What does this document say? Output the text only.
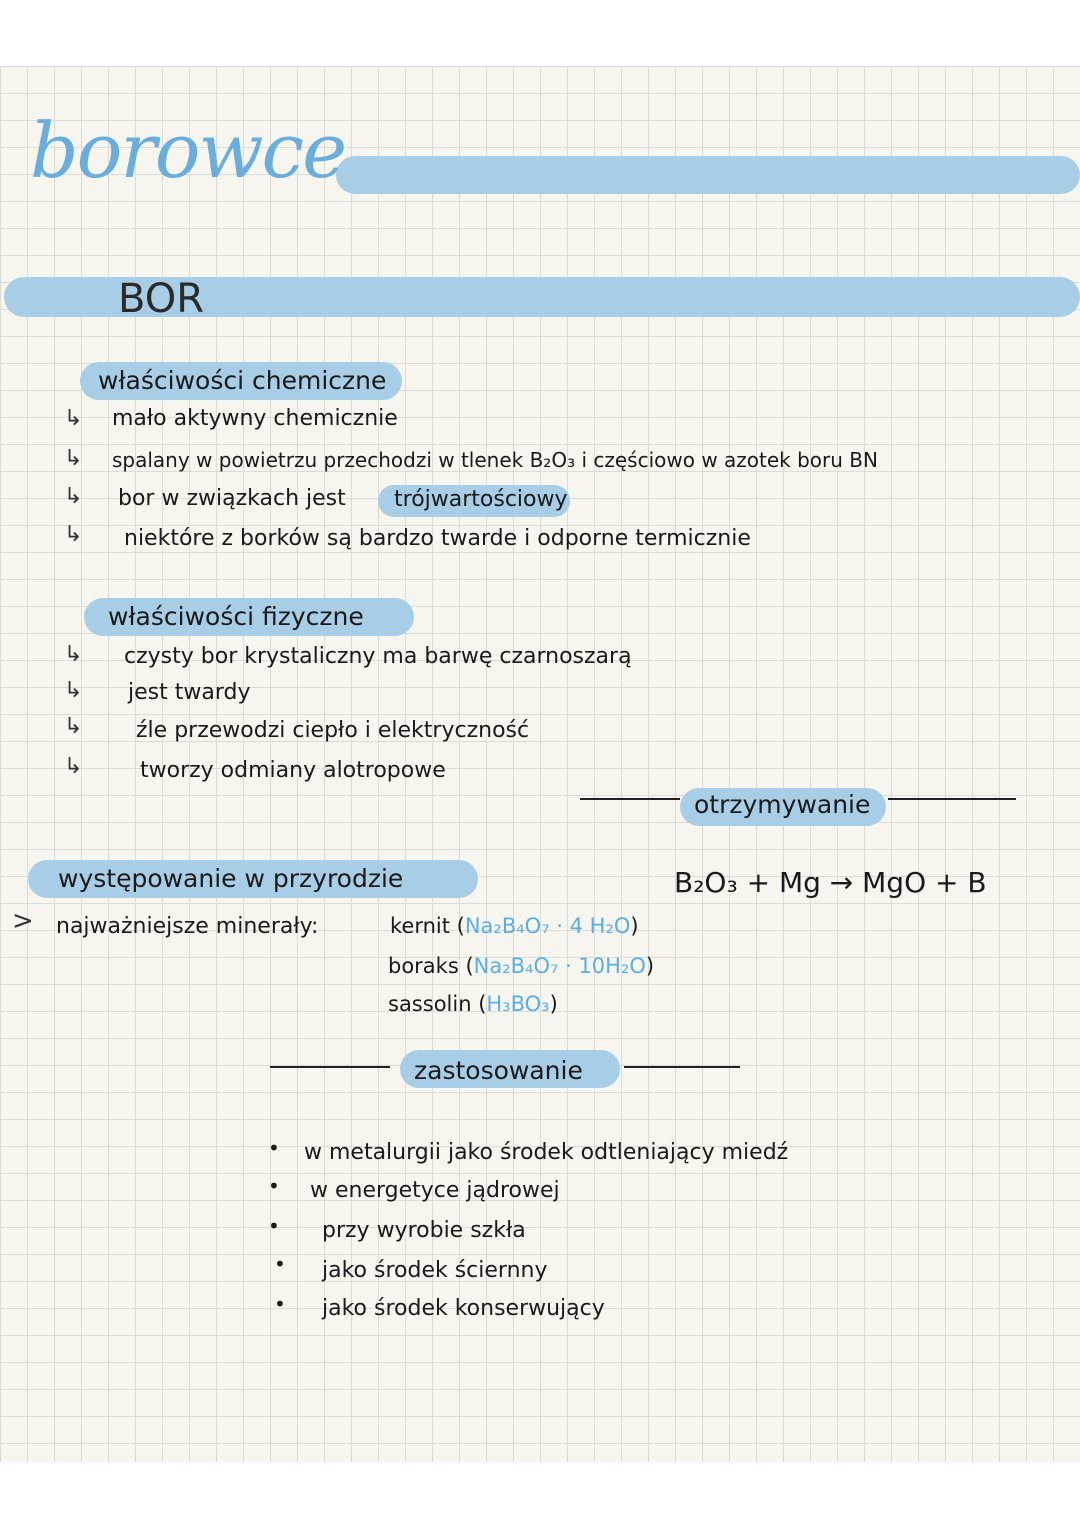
borowce
BOR
właściwości chemiczne
↳ mało aktywny chemicznie
↳ spalany w powietrzu przechodzi w tlenek B₂O₃ i częściowo w azotek boru BN
↳ bor w związkach jest trójwartościowy
↳ niektóre z borków są bardzo twarde i odporne termicznie
właściwości fizyczne
↳ czysty bor krystaliczny ma barwę czarnoszarą
↳ jest twardy
↳ źle przewodzi ciepło i elektryczność
↳	tworzy odmiany alotropowe
otrzymywanie
B₂O₃ + Mg → MgO + B
występowanie w przyrodzie
> najważniejsze minerały:	kernit (Na₂B₄O₇ · 4 H₂O)
boraks (Na₂B₄O₇ · 10H₂O)
sassolin (H₃BO₃)
zastosowanie
• w metalurgii jako środek odtleniający miedź
• w energetyce jądrowej
• przy wyrobie szkła
• jako środek ściernny
• jako środek konserwujący
